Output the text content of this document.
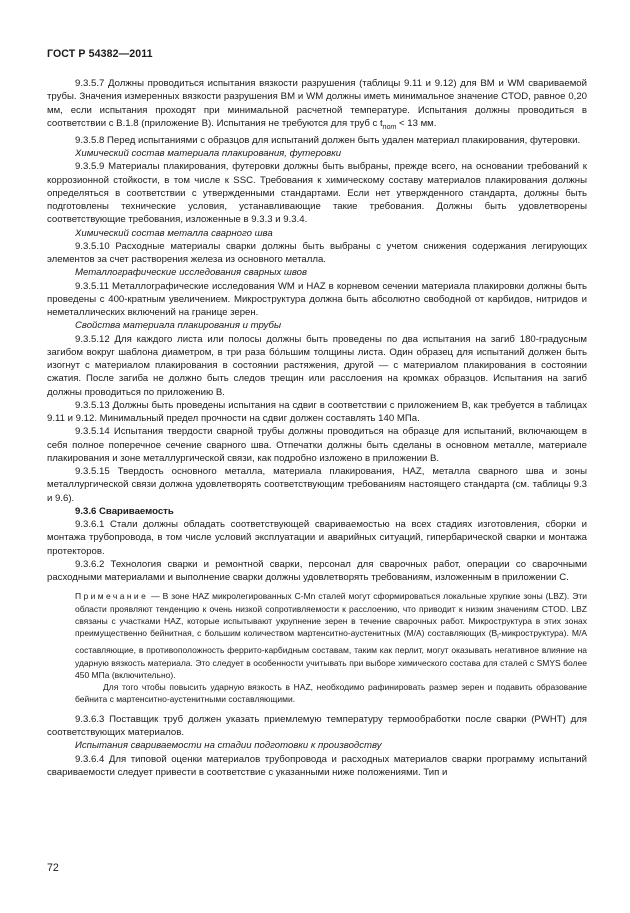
ГОСТ Р 54382—2011

9.3.5.7 Должны проводиться испытания вязкости разрушения (таблицы 9.11 и 9.12) для ВМ и WM свариваемой трубы. Значения измеренных вязкости разрушения ВМ и WM должны иметь минимальное значение CTOD, равное 0,20 мм, если испытания проходят при минимальной расчетной температуре. Испытания должны проводиться в соответствии с В.1.8 (приложение В). Испытания не требуются для труб с $t_{nom} < 13$ мм.

9.3.5.8 Перед испытаниями с образцов для испытаний должен быть удален материал плакирования, футеровки.

Химический состав материала плакирования, футеровки

9.3.5.9 Материалы плакирования, футеровки должны быть выбраны, прежде всего, на основании требований к коррозионной стойкости, в том числе к SSC. Требования к химическому составу материалов плакирования должны определяться в соответствии с утвержденными стандартами. Если нет утвержденного стандарта, должны быть подготовлены технические условия, устанавливающие такие требования. Должны быть удовлетворены соответствующие требования, изложенные в 9.3.3 и 9.3.4.

Химический состав металла сварного шва

9.3.5.10 Расходные материалы сварки должны быть выбраны с учетом снижения содержания легирующих элементов за счет растворения железа из основного металла.

Металлографические исследования сварных швов

9.3.5.11 Металлографические исследования WM и HAZ в корневом сечении материала плакировки должны быть проведены с 400-кратным увеличением. Микроструктура должна быть абсолютно свободной от карбидов, нитридов и неметаллических включений на границе зерен.

Свойства материала плакирования и трубы

9.3.5.12 Для каждого листа или полосы должны быть проведены по два испытания на загиб 180-градусным загибом вокруг шаблона диаметром, в три раза бо́льшим толщины листа. Один образец для испытаний должен быть изогнут с материалом плакирования в состоянии растяжения, другой — с материалом плакирования в состоянии сжатия. После загиба не должно быть следов трещин или расслоения на кромках образцов. Испытания на загиб должны проводиться по приложению В.

9.3.5.13 Должны быть проведены испытания на сдвиг в соответствии с приложением В, как требуется в таблицах 9.11 и 9.12. Минимальный предел прочности на сдвиг должен составлять 140 МПа.

9.3.5.14 Испытания твердости сварной трубы должны проводиться на образце для испытаний, включающем в себя полное поперечное сечение сварного шва. Отпечатки должны быть сделаны в основном металле, материале плакирования и зоне металлургической связи, как подробно изложено в приложении В.

9.3.5.15 Твердость основного металла, материала плакирования, HAZ, металла сварного шва и зоны металлургической связи должна удовлетворять соответствующим требованиям настоящего стандарта (см. таблицы 9.3 и 9.6).

9.3.6 Свариваемость

9.3.6.1 Стали должны обладать соответствующей свариваемостью на всех стадиях изготовления, сборки и монтажа трубопровода, в том числе условий эксплуатации и аварийных ситуаций, гипербарической сварки и монтажа протекторов.

9.3.6.2 Технология сварки и ремонтной сварки, персонал для сварочных работ, операции со сварочными расходными материалами и выполнение сварки должны удовлетворять требованиям, изложенным в приложении С.

Примечание — В зоне HAZ микролегированных C-Mn сталей могут сформироваться локальные хрупкие зоны (LBZ). Эти области проявляют тенденцию к очень низкой сопротивляемости к расслоению, что приводит к низким значениям CTOD. LBZ связаны с участками HAZ, которые испытывают укрупнение зерен в течение сварочных работ. Микроструктура в этих зонах преимущественно бейнитная, с большим количеством мартенситно-аустенитных (M/A) составляющих $(B_l-микроструктура)$. M/A составляющие, в противоположность феррито-карбидным составам, таким как перлит, могут оказывать негативное влияние на ударную вязкость материала. Это следует в особенности учитывать при выборе химического состава для сталей с SMYS более 450 МПа (включительно).

Для того чтобы повысить ударную вязкость в HAZ, необходимо рафинировать размер зерен и подавить образование бейнита с мартенситно-аустенитными составляющими.

9.3.6.3 Поставщик труб должен указать приемлемую температуру термообработки после сварки (PWHT) для соответствующих материалов.

Испытания свариваемости на стадии подготовки к производству

9.3.6.4 Для типовой оценки материалов трубопровода и расходных материалов сварки программу испытаний свариваемости следует привести в соответствие с указанными ниже положениями. Тип и

72
